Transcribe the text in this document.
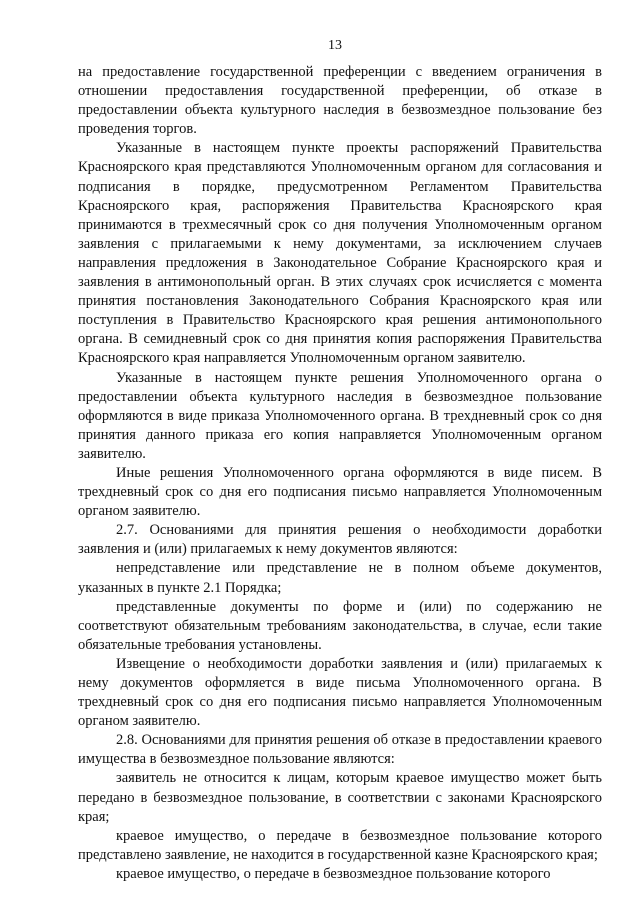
13

на предоставление государственной преференции с введением ограничения в отношении предоставления государственной преференции, об отказе в предоставлении объекта культурного наследия в безвозмездное пользование без проведения торгов.

Указанные в настоящем пункте проекты распоряжений Правительства Красноярского края представляются Уполномоченным органом для согласования и подписания в порядке, предусмотренном Регламентом Правительства Красноярского края, распоряжения Правительства Красноярского края принимаются в трехмесячный срок со дня получения Уполномоченным органом заявления с прилагаемыми к нему документами, за исключением случаев направления предложения в Законодательное Собрание Красноярского края и заявления в антимонопольный орган. В этих случаях срок исчисляется с момента принятия постановления Законодательного Собрания Красноярского края или поступления в Правительство Красноярского края решения антимонопольного органа. В семидневный срок со дня принятия копия распоряжения Правительства Красноярского края направляется Уполномоченным органом заявителю.

Указанные в настоящем пункте решения Уполномоченного органа о предоставлении объекта культурного наследия в безвозмездное пользование оформляются в виде приказа Уполномоченного органа. В трехдневный срок со дня принятия данного приказа его копия направляется Уполномоченным органом заявителю.

Иные решения Уполномоченного органа оформляются в виде писем. В трехдневный срок со дня его подписания письмо направляется Уполномоченным органом заявителю.

2.7. Основаниями для принятия решения о необходимости доработки заявления и (или) прилагаемых к нему документов являются:

непредставление или представление не в полном объеме документов, указанных в пункте 2.1 Порядка;

представленные документы по форме и (или) по содержанию не соответствуют обязательным требованиям законодательства, в случае, если такие обязательные требования установлены.

Извещение о необходимости доработки заявления и (или) прилагаемых к нему документов оформляется в виде письма Уполномоченного органа. В трехдневный срок со дня его подписания письмо направляется Уполномоченным органом заявителю.

2.8. Основаниями для принятия решения об отказе в предоставлении краевого имущества в безвозмездное пользование являются:

заявитель не относится к лицам, которым краевое имущество может быть передано в безвозмездное пользование, в соответствии с законами Красноярского края;

краевое имущество, о передаче в безвозмездное пользование которого представлено заявление, не находится в государственной казне Красноярского края;

краевое имущество, о передаче в безвозмездное пользование которого
